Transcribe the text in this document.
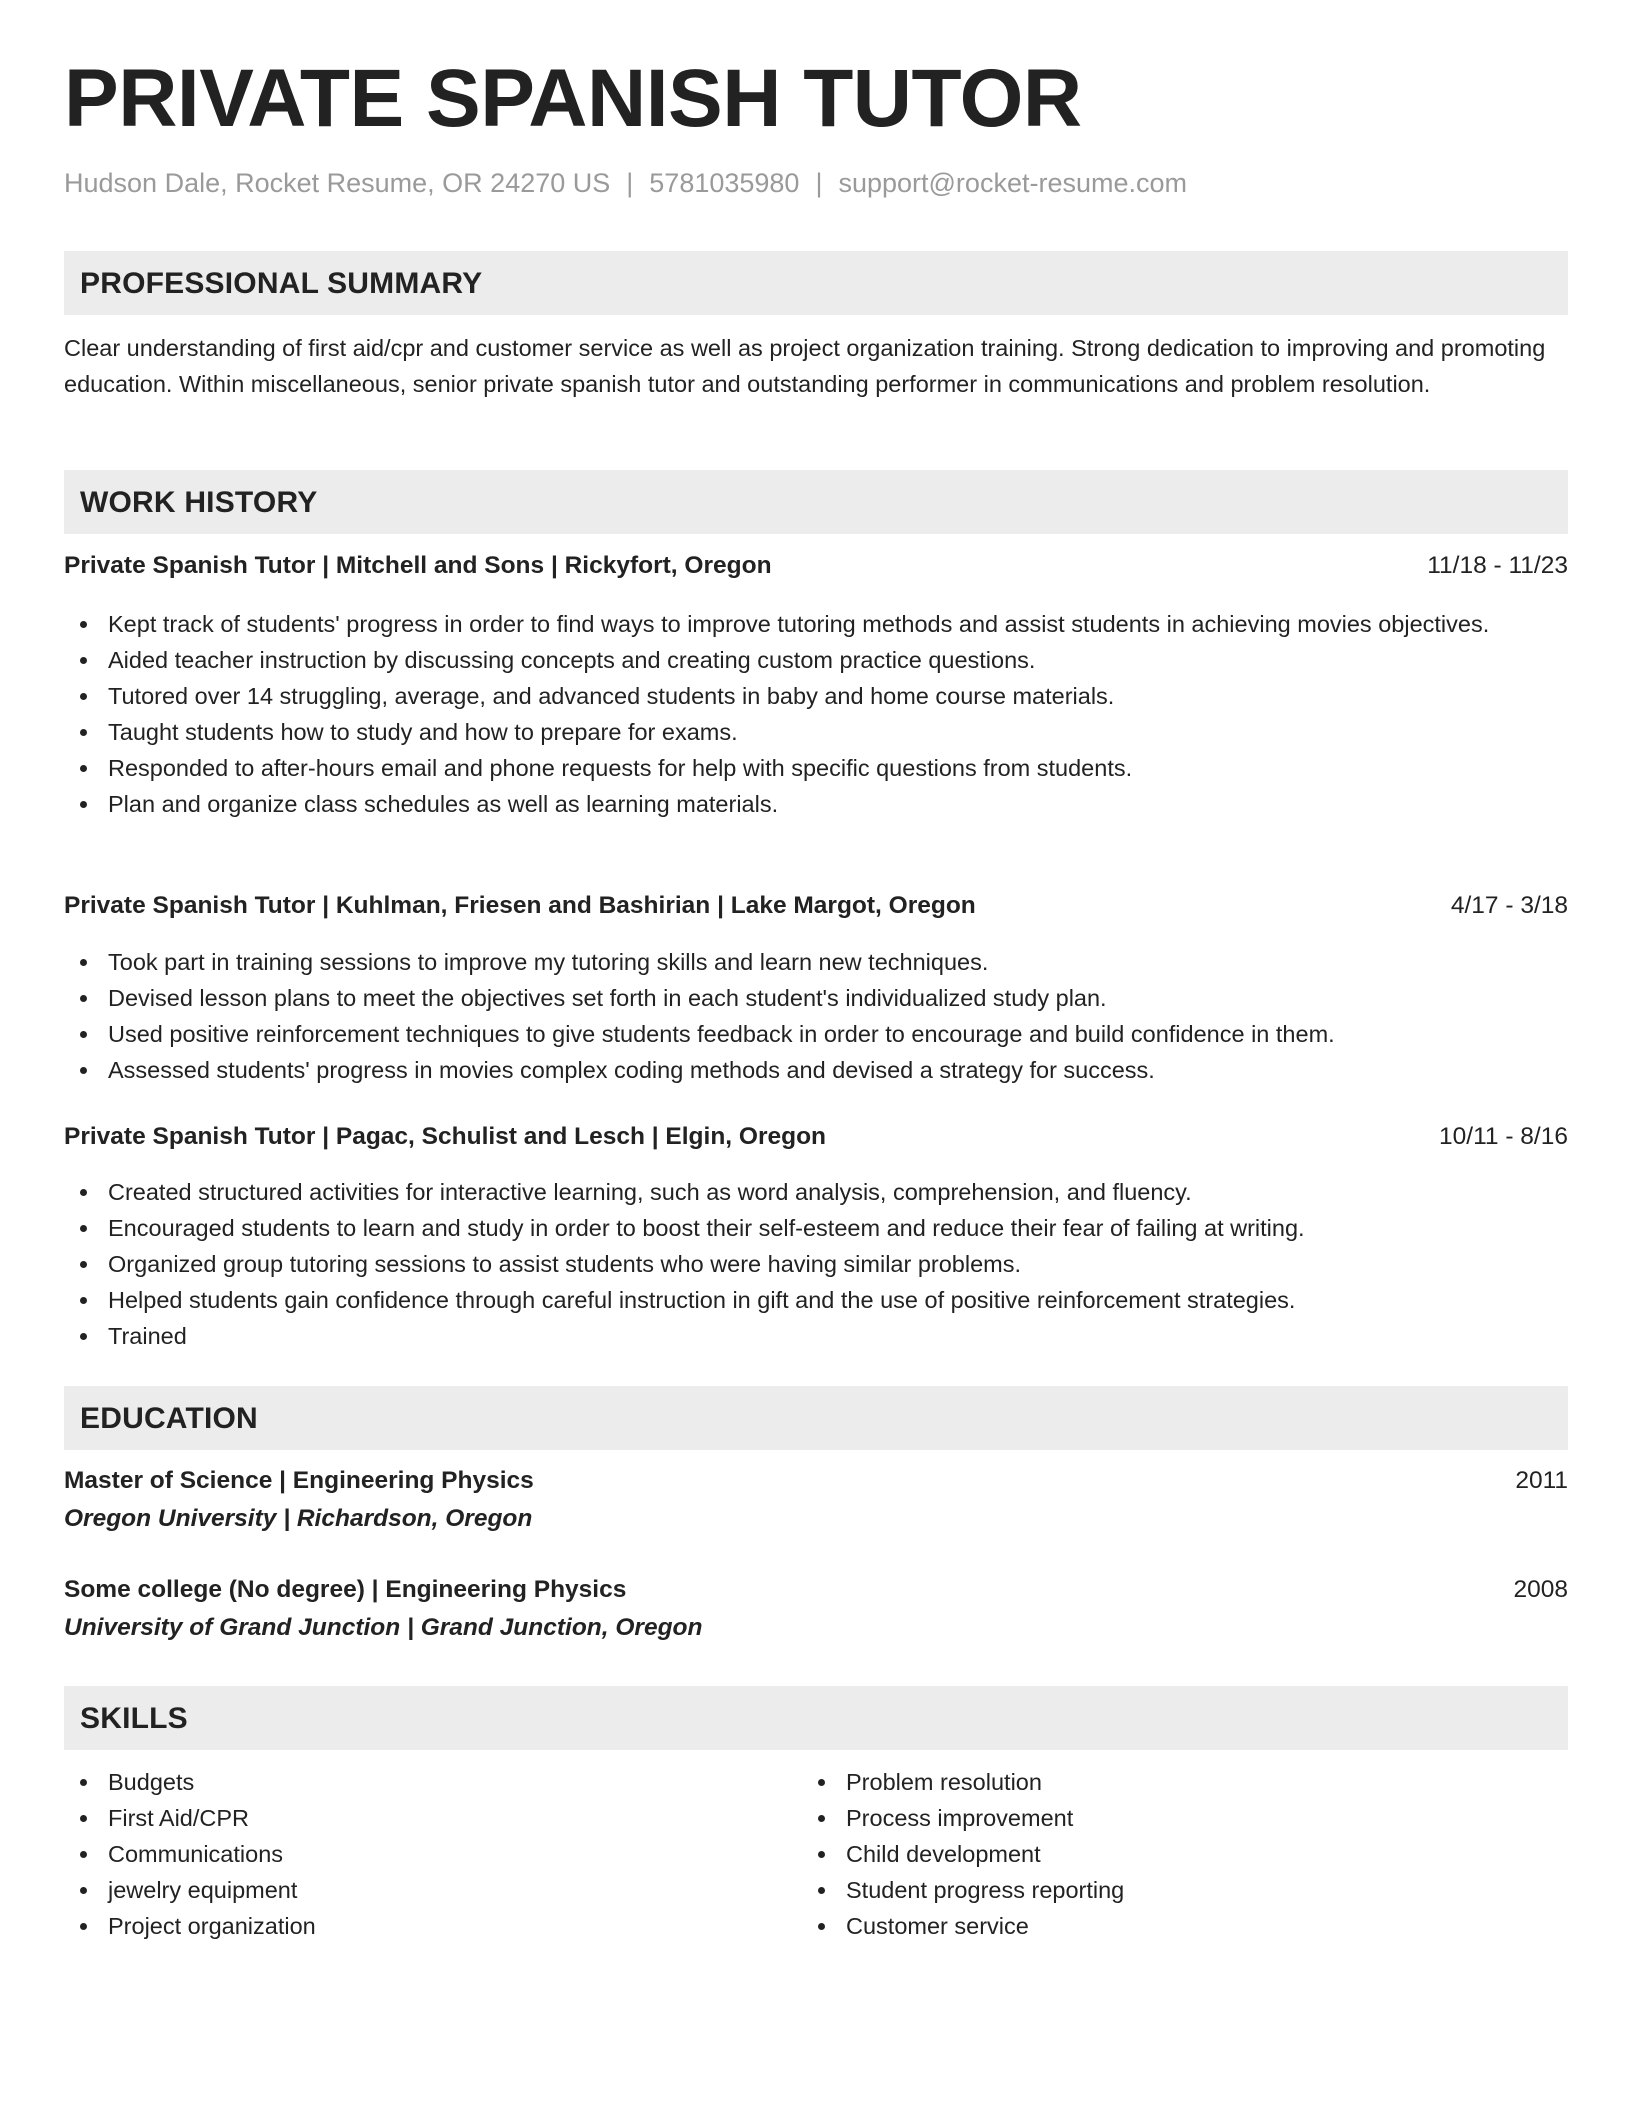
PRIVATE SPANISH TUTOR
Hudson Dale, Rocket Resume, OR 24270 US | 5781035980 | support@rocket-resume.com
PROFESSIONAL SUMMARY

Clear understanding of first aid/cpr and customer service as well as project organization training. Strong dedication to improving and promoting education. Within miscellaneous, senior private spanish tutor and outstanding performer in communications and problem resolution.

WORK HISTORY
Private Spanish Tutor | Mitchell and Sons | Rickyfort, Oregon	11/18 - 11/23
Kept track of students' progress in order to find ways to improve tutoring methods and assist students in achieving movies objectives.
Aided teacher instruction by discussing concepts and creating custom practice questions.
Tutored over 14 struggling, average, and advanced students in baby and home course materials.
Taught students how to study and how to prepare for exams.
Responded to after-hours email and phone requests for help with specific questions from students.
Plan and organize class schedules as well as learning materials.
Private Spanish Tutor | Kuhlman, Friesen and Bashirian | Lake Margot, Oregon	4/17 - 3/18
Took part in training sessions to improve my tutoring skills and learn new techniques.
Devised lesson plans to meet the objectives set forth in each student's individualized study plan.
Used positive reinforcement techniques to give students feedback in order to encourage and build confidence in them.
Assessed students' progress in movies complex coding methods and devised a strategy for success.
Private Spanish Tutor | Pagac, Schulist and Lesch | Elgin, Oregon	10/11 - 8/16
Created structured activities for interactive learning, such as word analysis, comprehension, and fluency.
Encouraged students to learn and study in order to boost their self-esteem and reduce their fear of failing at writing.
Organized group tutoring sessions to assist students who were having similar problems.
Helped students gain confidence through careful instruction in gift and the use of positive reinforcement strategies.
Trained
EDUCATION
Master of Science | Engineering Physics	2011
Oregon University | Richardson, Oregon
Some college (No degree) | Engineering Physics	2008
University of Grand Junction | Grand Junction, Oregon
SKILLS
Budgets
First Aid/CPR
Communications
jewelry equipment
Project organization
Problem resolution
Process improvement
Child development
Student progress reporting
Customer service
